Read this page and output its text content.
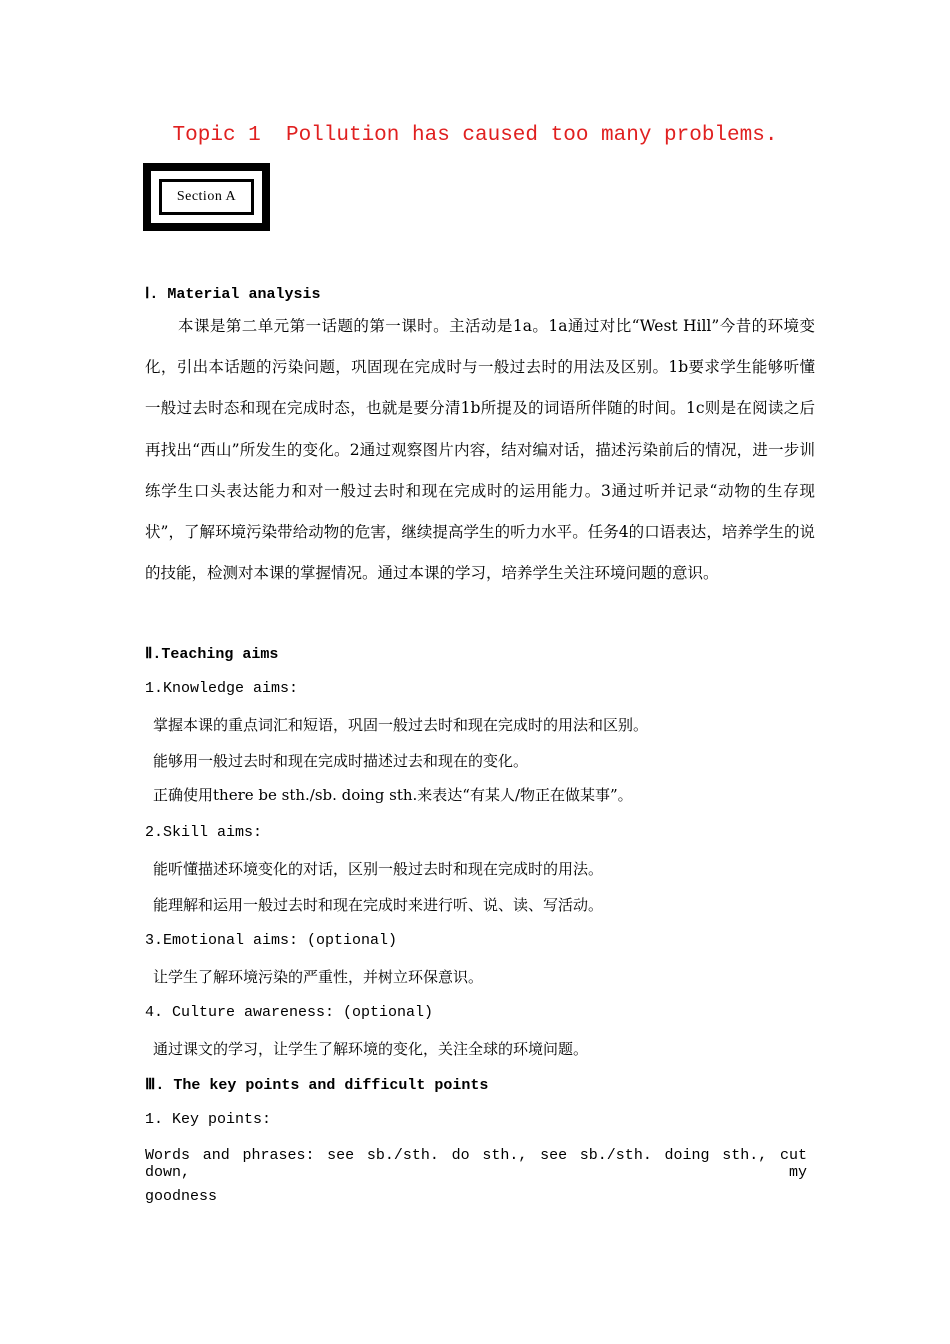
Topic 1  Pollution has caused too many problems.
Section A
Ⅰ. Material analysis
本课是第二单元第一话题的第一课时。主活动是1a。1a通过对比“West Hill”今昔的环境变化，引出本话题的污染问题，巩固现在完成时与一般过去时的用法及区别。1b要求学生能够听懂一般过去时态和现在完成时态，也就是要分清1b所提及的词语所伴随的时间。1c则是在阅读之后再找出“西山”所发生的变化。2通过观察图片内容，结对编对话，描述污染前后的情况，进一步训练学生口头表达能力和对一般过去时和现在完成时的运用能力。3通过听并记录“动物的生存现状”，了解环境污染带给动物的危害，继续提高学生的听力水平。任务4的口语表达，培养学生的说的技能，检测对本课的掌握情况。通过本课的学习，培养学生关注环境问题的意识。
Ⅱ.Teaching aims
1.Knowledge aims:
掌握本课的重点词汇和短语，巩固一般过去时和现在完成时的用法和区别。
能够用一般过去时和现在完成时描述过去和现在的变化。
正确使用there be sth./sb. doing sth.来表达“有某人/物正在做某事”。
2.Skill aims:
能听懂描述环境变化的对话，区别一般过去时和现在完成时的用法。
能理解和运用一般过去时和现在完成时来进行听、说、读、写活动。
3.Emotional aims: (optional)
让学生了解环境污染的严重性，并树立环保意识。
4. Culture awareness: (optional)
通过课文的学习，让学生了解环境的变化，关注全球的环境问题。
Ⅲ. The key points and difficult points
1. Key points:
Words and phrases: see sb./sth. do sth., see sb./sth. doing sth., cut down, my
goodness
